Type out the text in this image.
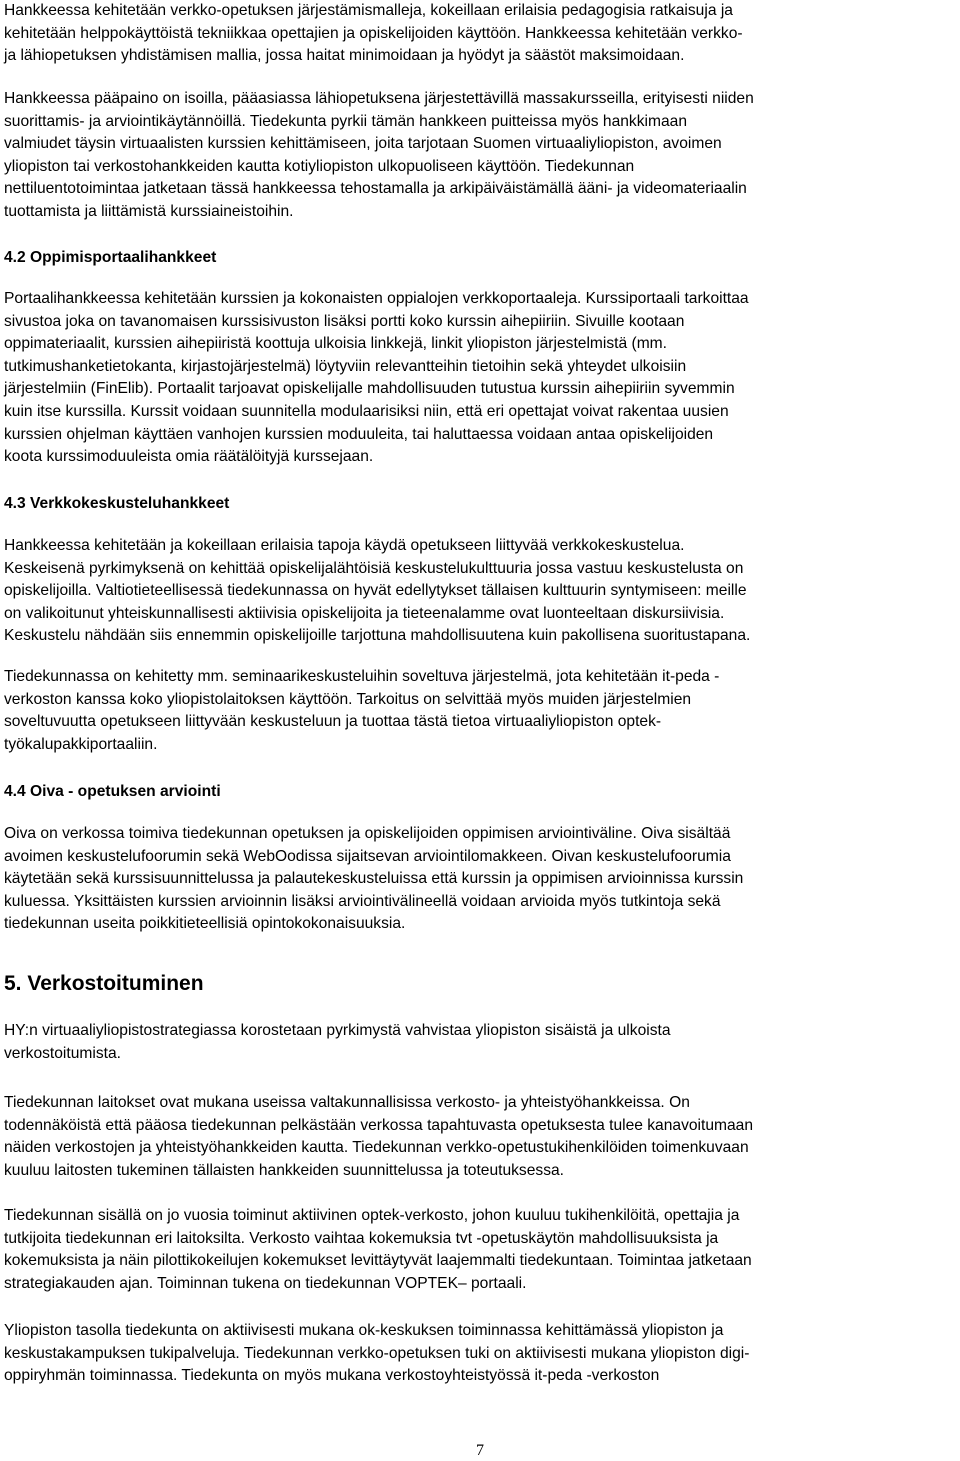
Hankkeessa kehitetään verkko-opetuksen järjestämismalleja, kokeillaan erilaisia pedagogisia ratkaisuja ja
kehitetään helppokäyttöistä tekniikkaa opettajien ja opiskelijoiden käyttöön. Hankkeessa kehitetään verkko-
ja lähiopetuksen yhdistämisen mallia, jossa haitat minimoidaan ja hyödyt ja säästöt maksimoidaan.

Hankkeessa pääpaino on isoilla, pääasiassa lähiopetuksena järjestettävillä massakursseilla, erityisesti niiden
suorittamis- ja arviointikäytännöillä. Tiedekunta pyrkii tämän hankkeen puitteissa myös hankkimaan
valmiudet täysin virtuaalisten kurssien kehittämiseen, joita tarjotaan Suomen virtuaaliyliopiston, avoimen
yliopiston tai verkostohankkeiden kautta kotiyliopiston ulkopuoliseen käyttöön. Tiedekunnan
nettiluentotoimintaa jatketaan tässä hankkeessa tehostamalla ja arkipäiväistämällä ääni- ja videomateriaalin
tuottamista ja liittämistä kurssiaineistoihin.

4.2 Oppimisportaalihankkeet

Portaalihankkeessa kehitetään kurssien ja kokonaisten oppialojen verkkoportaaleja. Kurssiportaali tarkoittaa
sivustoa joka on tavanomaisen kurssisivuston lisäksi portti koko kurssin aihepiiriin. Sivuille kootaan
oppimateriaalit, kurssien aihepiiristä koottuja ulkoisia linkkejä, linkit yliopiston järjestelmistä (mm.
tutkimushanketietokanta, kirjastojärjestelmä) löytyviin relevantteihin tietoihin sekä yhteydet ulkoisiin
järjestelmiin (FinElib). Portaalit tarjoavat opiskelijalle mahdollisuuden tutustua kurssin aihepiiriin syvemmin
kuin itse kurssilla. Kurssit voidaan suunnitella modulaarisiksi niin, että eri opettajat voivat rakentaa uusien
kurssien ohjelman käyttäen vanhojen kurssien moduuleita, tai haluttaessa voidaan antaa opiskelijoiden
koota kurssimoduuleista omia räätälöityjä kurssejaan.

4.3 Verkkokeskusteluhankkeet

Hankkeessa kehitetään ja kokeillaan erilaisia tapoja käydä opetukseen liittyvää verkkokeskustelua.
Keskeisenä pyrkimyksenä on kehittää opiskelijalähtöisiä keskustelukulttuuria jossa vastuu keskustelusta on
opiskelijoilla. Valtiotieteellisessä tiedekunnassa on hyvät edellytykset tällaisen kulttuurin syntymiseen: meille
on valikoitunut yhteiskunnallisesti aktiivisia opiskelijoita ja tieteenalamme ovat luonteeltaan diskursiivisia.
Keskustelu nähdään siis ennemmin opiskelijoille tarjottuna mahdollisuutena kuin pakollisena suoritustapana.

Tiedekunnassa on kehitetty mm. seminaarikeskusteluihin soveltuva järjestelmä, jota kehitetään it-peda -
verkoston kanssa koko yliopistolaitoksen käyttöön. Tarkoitus on selvittää myös muiden järjestelmien
soveltuvuutta opetukseen liittyvään keskusteluun ja tuottaa tästä tietoa virtuaaliyliopiston optek-
työkalupakkiportaaliin.

4.4 Oiva - opetuksen arviointi

Oiva on verkossa toimiva tiedekunnan opetuksen ja opiskelijoiden oppimisen arviointiväline. Oiva sisältää
avoimen keskustelufoorumin sekä WebOodissa sijaitsevan arviointilomakkeen. Oivan keskustelufoorumia
käytetään sekä kurssisuunnittelussa ja palautekeskusteluissa että kurssin ja oppimisen arvioinnissa kurssin
kuluessa. Yksittäisten kurssien arvioinnin lisäksi arviointivälineellä voidaan arvioida myös tutkintoja sekä
tiedekunnan useita poikkitieteellisiä opintokokonaisuuksia.

5. Verkostoituminen

HY:n virtuaaliyliopistostrategiassa korostetaan pyrkimystä vahvistaa yliopiston sisäistä ja ulkoista
verkostoitumista.

Tiedekunnan laitokset ovat mukana useissa valtakunnallisissa verkosto- ja yhteistyöhankkeissa. On
todennäköistä että pääosa tiedekunnan pelkästään verkossa tapahtuvasta opetuksesta tulee kanavoitumaan
näiden verkostojen ja yhteistyöhankkeiden kautta. Tiedekunnan verkko-opetustukihenkilöiden toimenkuvaan
kuuluu laitosten tukeminen tällaisten hankkeiden suunnittelussa ja toteutuksessa.

Tiedekunnan sisällä on jo vuosia toiminut aktiivinen optek-verkosto, johon kuuluu tukihenkilöitä, opettajia ja
tutkijoita tiedekunnan eri laitoksilta. Verkosto vaihtaa kokemuksia tvt -opetuskäytön mahdollisuuksista ja
kokemuksista ja näin pilottikokeilujen kokemukset levittäytyvät laajemmalti tiedekuntaan. Toimintaa jatketaan
strategiakauden ajan. Toiminnan tukena on tiedekunnan VOPTEK– portaali.

Yliopiston tasolla tiedekunta on aktiivisesti mukana ok-keskuksen toiminnassa kehittämässä yliopiston ja
keskustakampuksen tukipalveluja. Tiedekunnan verkko-opetuksen tuki on aktiivisesti mukana yliopiston digi-
oppiryhmän toiminnassa. Tiedekunta on myös mukana verkostoyhteistyössä it-peda -verkoston

7
